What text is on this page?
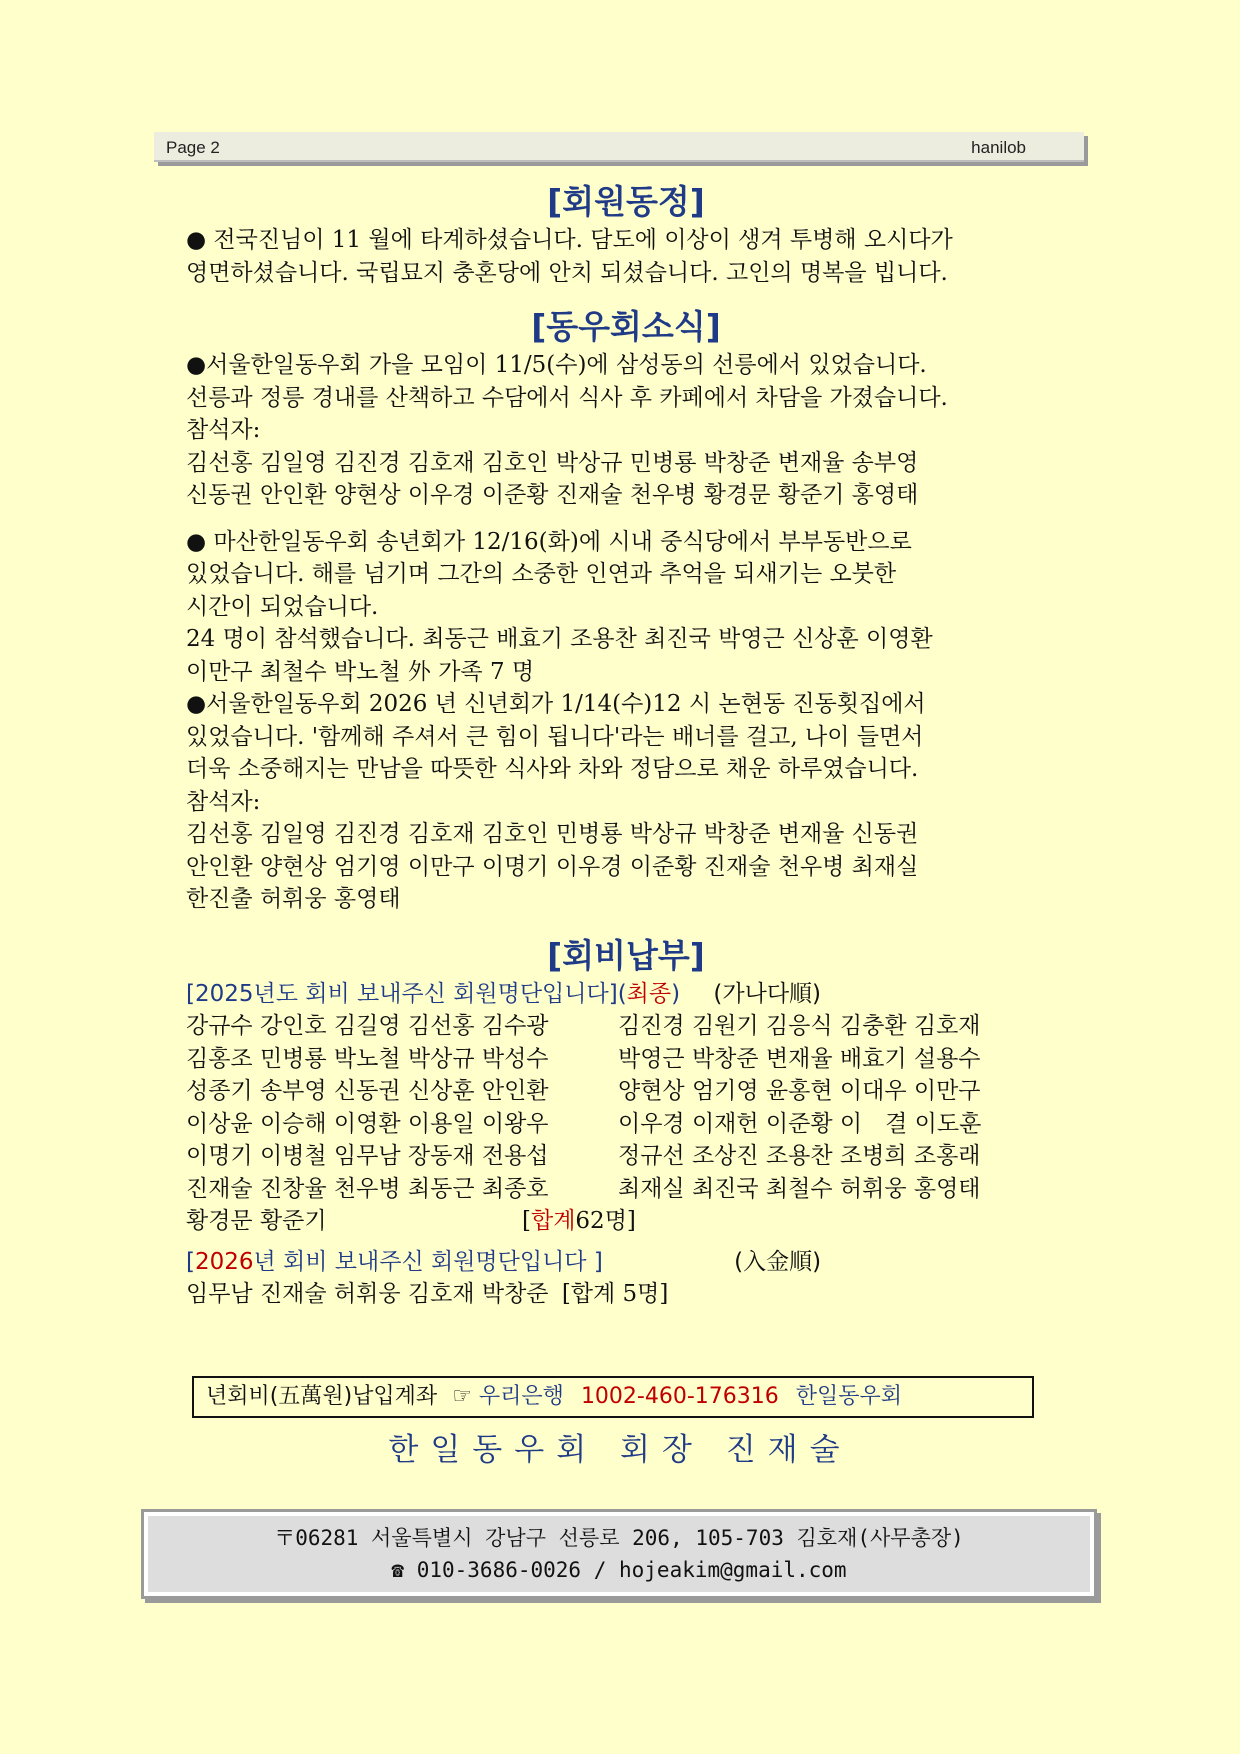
Page 2	hanilob
[회원동정]

● 전국진님이 11 월에 타계하셨습니다. 담도에 이상이 생겨 투병해 오시다가

영면하셨습니다. 국립묘지 충혼당에 안치 되셨습니다. 고인의 명복을 빕니다.

[동우회소식]

●서울한일동우회 가을 모임이 11/5(수)에 삼성동의 선릉에서 있었습니다.

선릉과 정릉 경내를 산책하고 수담에서 식사 후 카페에서 차담을 가졌습니다.

참석자:

김선홍 김일영 김진경 김호재 김호인 박상규 민병룡 박창준 변재율 송부영

신동권 안인환 양현상 이우경 이준황 진재술 천우병 황경문 황준기 홍영태

● 마산한일동우회 송년회가 12/16(화)에 시내 중식당에서 부부동반으로

있었습니다. 해를 넘기며 그간의 소중한 인연과 추억을 되새기는 오붓한

시간이 되었습니다.

24 명이 참석했습니다. 최동근 배효기 조용찬 최진국 박영근 신상훈 이영환

이만구 최철수 박노철 外 가족 7 명

●서울한일동우회 2026 년 신년회가 1/14(수)12 시 논현동 진동횟집에서

있었습니다. '함께해 주셔서 큰 힘이 됩니다'라는 배너를 걸고, 나이 들면서

더욱 소중해지는 만남을 따뜻한 식사와 차와 정담으로 채운 하루였습니다.

참석자:

김선홍 김일영 김진경 김호재 김호인 민병룡 박상규 박창준 변재율 신동권

안인환 양현상 엄기영 이만구 이명기 이우경 이준황 진재술 천우병 최재실

한진출 허휘웅 홍영태

[회비납부]
[2025년도 회비 보내주신 회원명단입니다](최종) (가나다順)
강규수 강인호 김길영 김선홍 김수광	김진경 김원기 김응식 김충환 김호재
김홍조 민병룡 박노철 박상규 박성수	박영근 박창준 변재율 배효기 설용수
성종기 송부영 신동권 신상훈 안인환	양현상 엄기영 윤홍현 이대우 이만구
이상윤 이승해 이영환 이용일 이왕우	이우경 이재헌 이준황 이　결 이도훈
이명기 이병철 임무남 장동재 전용섭	정규선 조상진 조용찬 조병희 조홍래
진재술 진창율 천우병 최동근 최종호	최재실 최진국 최철수 허휘웅 홍영태
황경문 황준기	[ 합계 62명]
[2026년 회비 보내주신 회원명단입니다 ]	(入金順)

임무남 진재술 허휘웅 김호재 박창준 [합계 5명]

년회비(五萬원)납입계좌 ☞ 우리은행 1002-460-176316 한일동우회
한일동우회 회장 진재술
〒06281 서울특별시 강남구 선릉로 206, 105-703 김호재(사무총장)
☎ 010-3686-0026 / hojeakim@gmail.com
